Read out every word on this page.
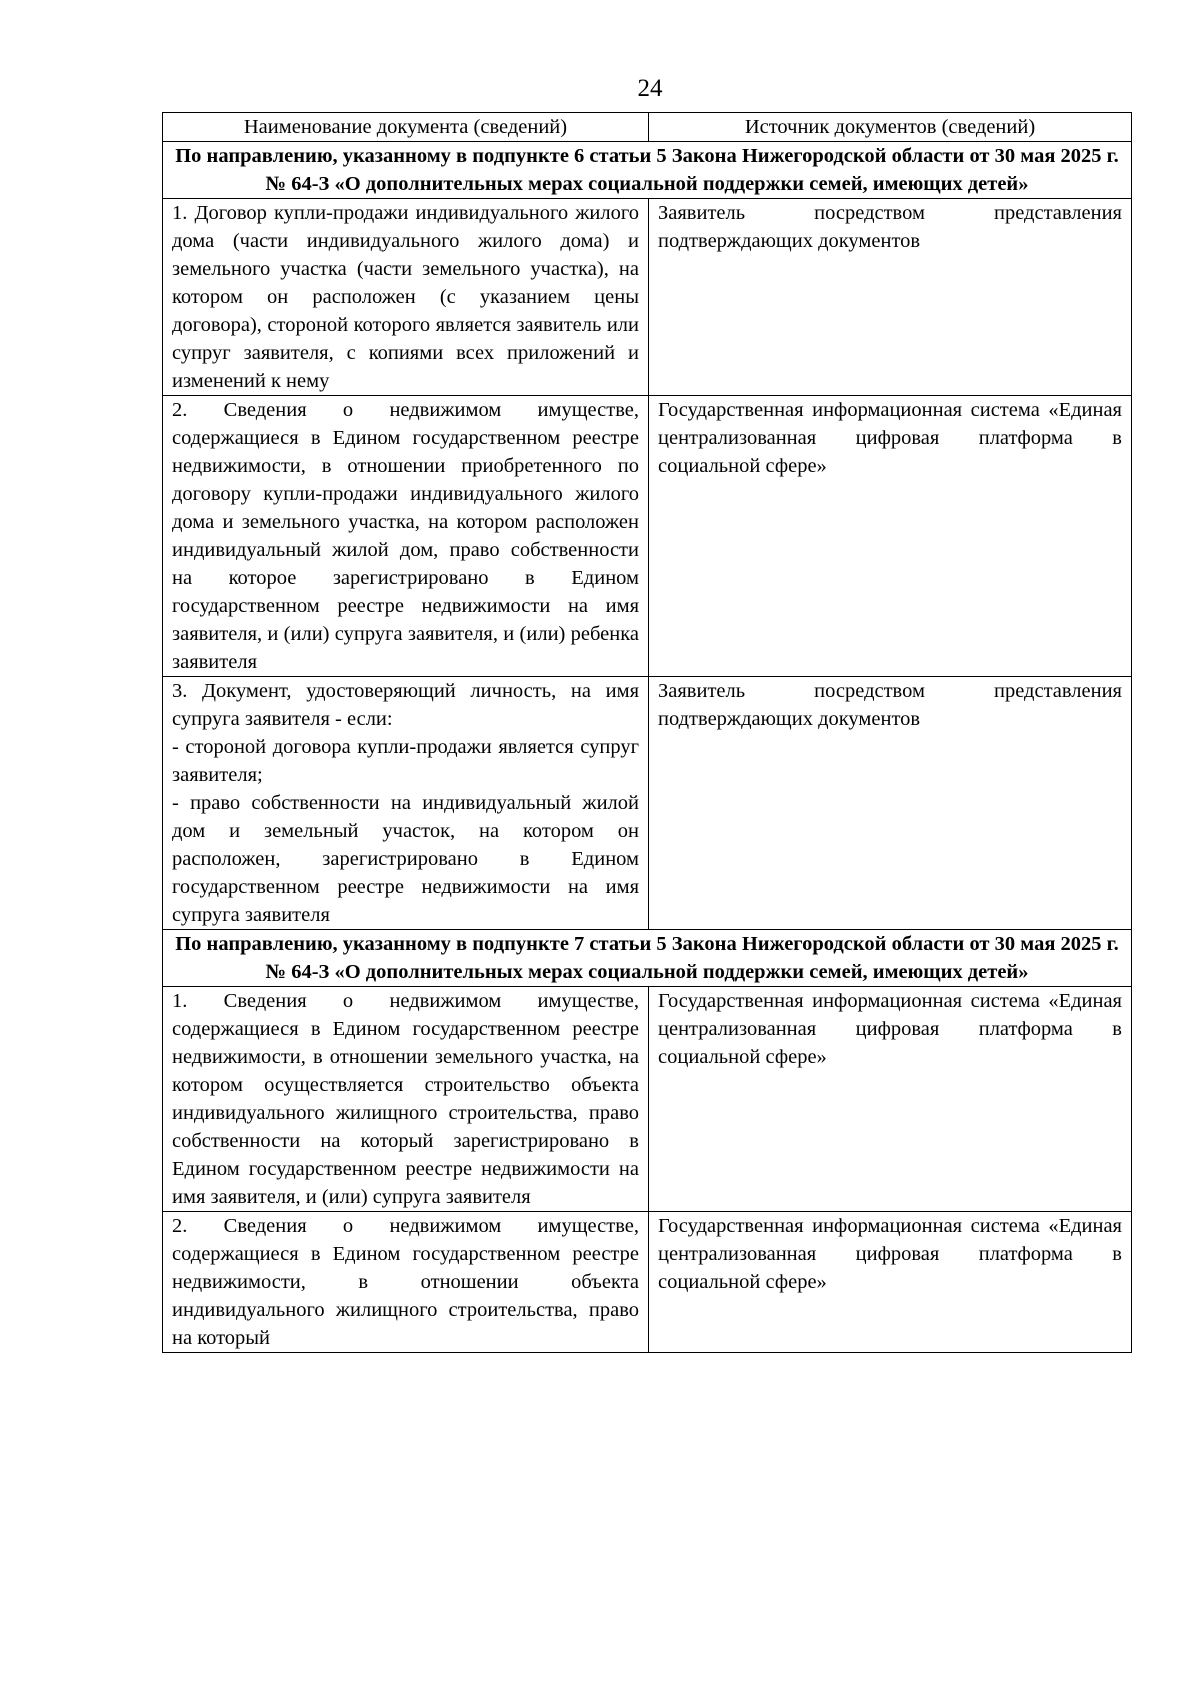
24
Наименование документа (сведений)	Источник документов (сведений)
По направлению, указанному в подпункте 6 статьи 5 Закона Нижегородской области от 30 мая 2025 г. № 64-З «О дополнительных мерах социальной поддержки семей, имеющих детей»	
1. Договор купли-продажи индивидуального жилого дома (части индивидуального жилого дома) и земельного участка (части земельного участка), на котором он расположен (с указанием цены договора), стороной которого является заявитель или супруг заявителя, с копиями всех приложений и изменений к нему	Заявитель посредством представления подтверждающих документов
2. Сведения о недвижимом имуществе, содержащиеся в Едином государственном реестре недвижимости, в отношении приобретенного по договору купли-продажи индивидуального жилого дома и земельного участка, на котором расположен индивидуальный жилой дом, право собственности на которое зарегистрировано в Едином государственном реестре недвижимости на имя заявителя, и (или) супруга заявителя, и (или) ребенка заявителя	Государственная информационная система «Единая централизованная цифровая платформа в социальной сфере»

3. Документ, удостоверяющий личность, на имя супруга заявителя - если:
- стороной договора купли-продажи является супруг заявителя;
- право собственности на индивидуальный жилой дом и земельный участок, на котором он расположен, зарегистрировано в Едином государственном реестре недвижимости на имя супруга заявителя	Заявитель посредством представления подтверждающих документов
По направлению, указанному в подпункте 7 статьи 5 Закона Нижегородской области от 30 мая 2025 г. № 64-З «О дополнительных мерах социальной поддержки семей, имеющих детей»	
1. Сведения о недвижимом имуществе, содержащиеся в Едином государственном реестре недвижимости, в отношении земельного участка, на котором осуществляется строительство объекта индивидуального жилищного строительства, право собственности на который зарегистрировано в Едином государственном реестре недвижимости на имя заявителя, и (или) супруга заявителя	Государственная информационная система «Единая централизованная цифровая платформа в социальной сфере»
2. Сведения о недвижимом имуществе, содержащиеся в Едином государственном реестре недвижимости, в отношении объекта индивидуального жилищного строительства, право на который	Государственная информационная система «Единая централизованная цифровая платформа в социальной сфере»
